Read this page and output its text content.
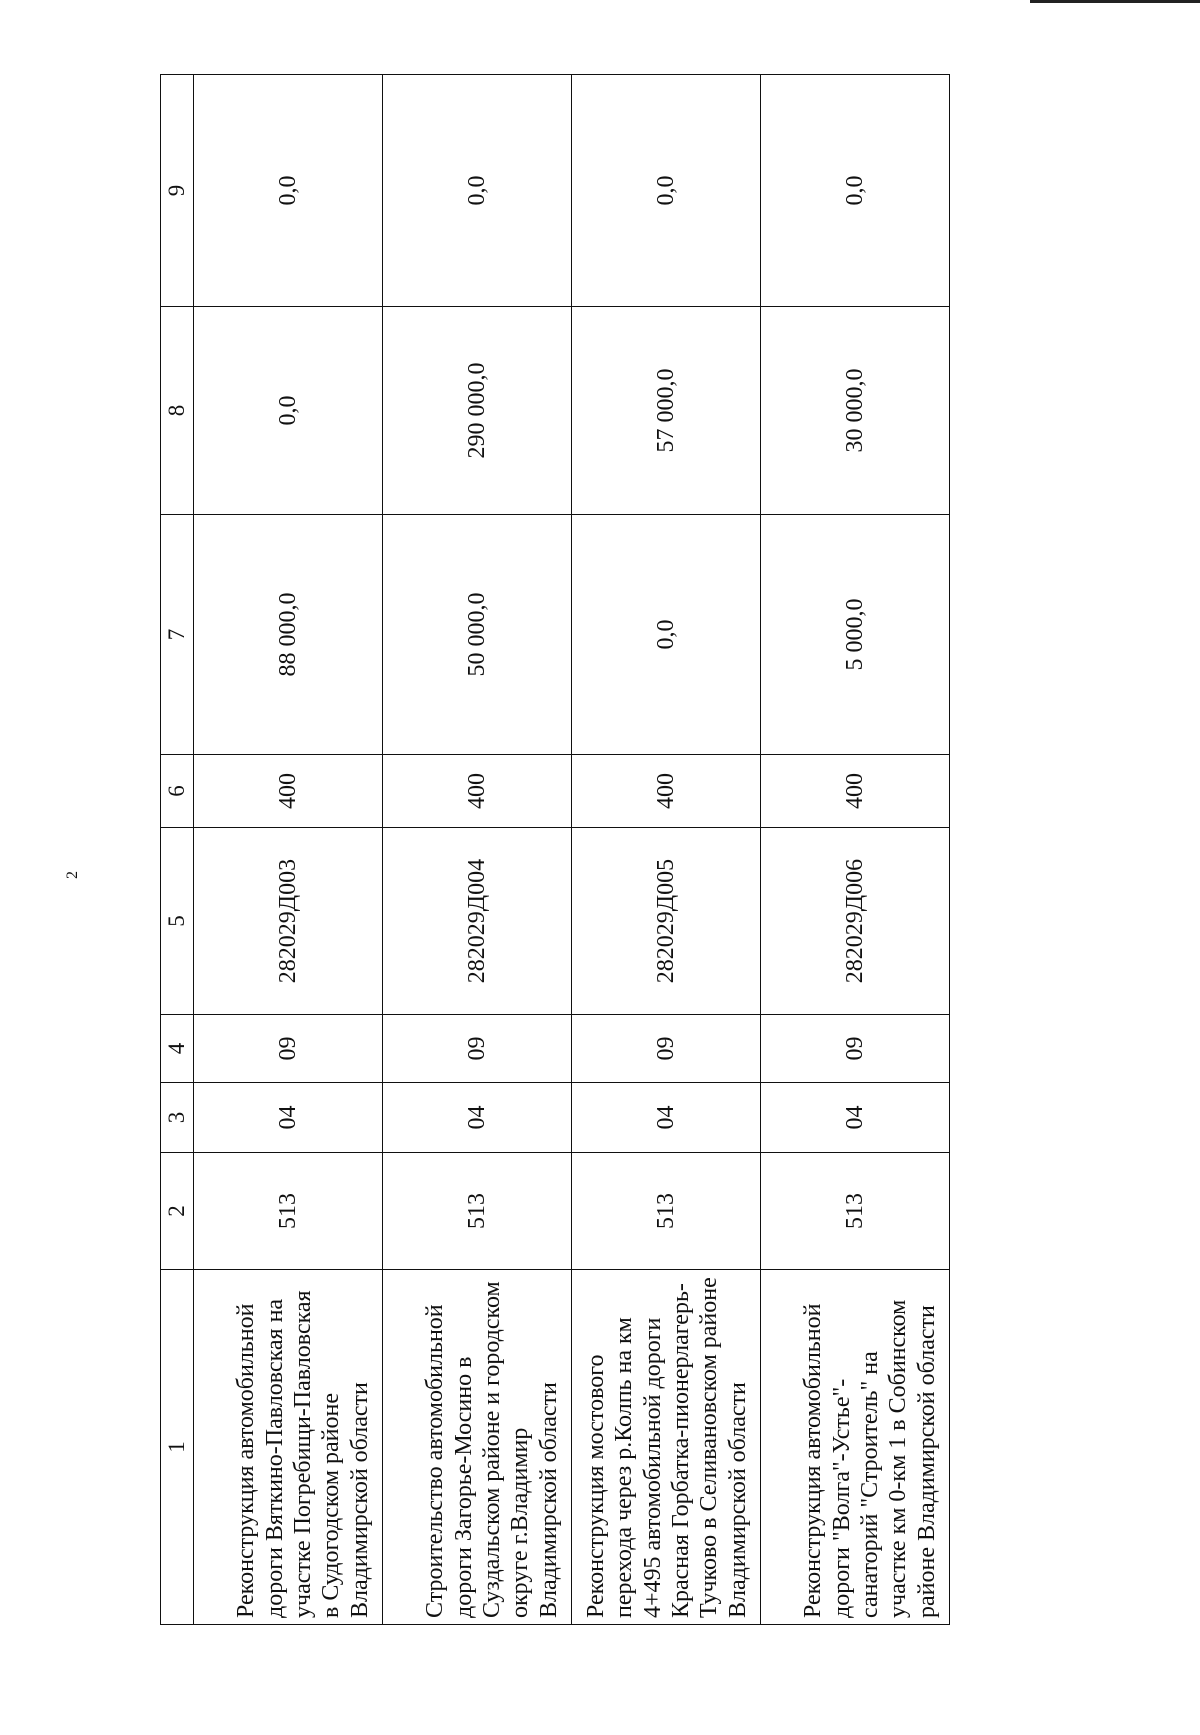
2
1	2	3	4	5	6	7	8	9
Реконструкция автомобильной дороги Вяткино-Павловская на участке Погребищи-Павловская в Судогодском районе Владимирской области	513	04	09	282029Д003	400	88 000,0	0,0	0,0
Строительство автомобильной дороги Загорье-Мосино в Суздальском районе и городском округе г.Владимир Владимирской области	513	04	09	282029Д004	400	50 000,0	290 000,0	0,0
Реконструкция мостового перехода через р.Колпь на км 4+495 автомобильной дороги Красная Горбатка-пионерлагерь-Тучково в Селивановском районе Владимирской области	513	04	09	282029Д005	400	0,0	57 000,0	0,0
Реконструкция автомобильной дороги "Волга"-Устье"-санаторий "Строитель" на участке км 0-км 1 в Собинском районе Владимирской области	513	04	09	282029Д006	400	5 000,0	30 000,0	0,0
